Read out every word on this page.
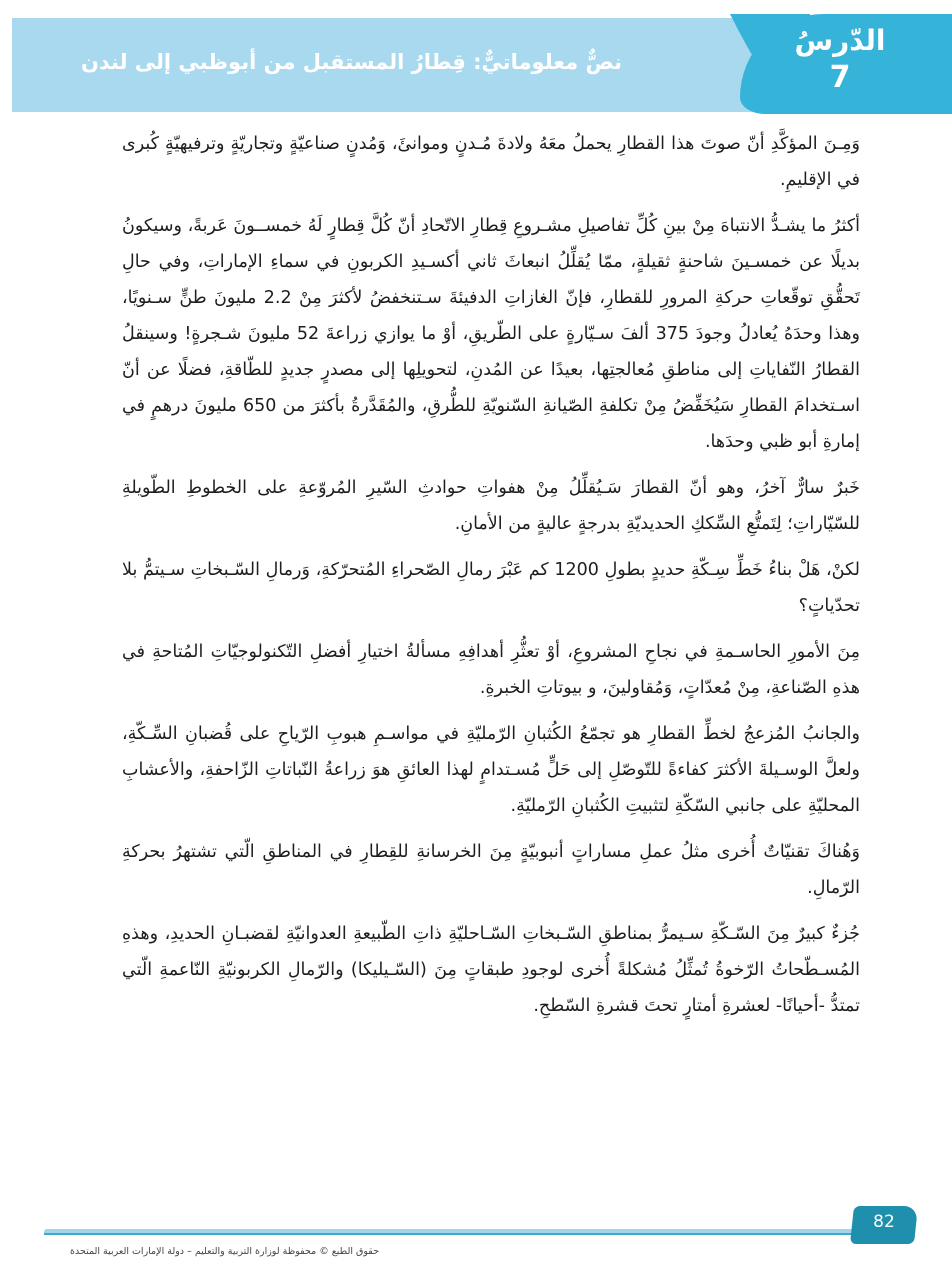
نصٌّ معلوماتيٌّ: قِطارُ المستقبل من أبوظبي إلى لندن
الدّرسُ
7

وَمِـنَ المؤكَّدِ أنّ صوتَ هذا القطارِ يحملُ معَهُ ولادةَ مُـدنٍ وموانئَ، وَمُدنٍ صناعيّةٍ وتجاريّةٍ وترفيهيّةٍ كُبرى في الإقليمِ.

أكثرُ ما يشـدُّ الانتباهَ مِنْ بينِ كُلِّ تفاصيلِ مشـروعِ قِطارِ الاتّحادِ أنّ كُلَّ قِطارٍ لَهُ خمســونَ عَربةً، وسيكونُ بديلًا عن خمسـينَ شاحنةٍ ثقيلةٍ، ممّا يُقلِّلُ انبعاثَ ثاني أكسـيدِ الكربونِ في سماءِ الإماراتِ، وفي حالِ تَحقُّقِ توقّعاتِ حركةِ المرورِ للقطارِ، فإنّ الغازاتِ الدفيئةَ سـتنخفضُ لأكثرَ مِنْ 2.2 مليونَ طنٍّ سـنويًا، وهذا وحدَهُ يُعادلُ وجودَ 375 ألفَ سـيّارةٍ على الطّريقِ، أوْ ما يوازي زراعةَ 52 مليونَ شـجرةٍ! وسينقلُ القطارُ النّفاياتِ إلى مناطقِ مُعالجتِها، بعيدًا عن المُدنِ، لتحويلِها إلى مصدرٍ جديدٍ للطّاقةِ، فضلًا عن أنّ اسـتخدامَ القطارِ سَيُخَفِّضُ مِنْ تكلفةِ الصّيانةِ السّنويّةِ للطُّرقِ، والمُقَدَّرةُ بأكثرَ من 650 مليونَ درهمٍ في إمارةِ أبو ظبي وحدَها.

خَبرٌ سارٌّ آخرُ، وهو أنّ القطارَ سَـيُقلِّلُ مِنْ هفواتِ حوادثِ السّيرِ المُروّعةِ على الخطوطِ الطّويلةِ للسّيّاراتِ؛ لِتَمتُّعِ السِّككِ الحديديّةِ بدرجةٍ عاليةٍ من الأمانِ.

لكنْ، هَلْ بناءُ خَطِّ سِـكّةِ حديدٍ بطولِ 1200 كم عَبْرَ رمالِ الصّحراءِ المُتحرّكةِ، وَرمالِ السّـبخاتِ سـيتمُّ بلا تحدّياتٍ؟

مِنَ الأمورِ الحاسـمةِ في نجاحِ المشروعِ، أوْ تعثُّرِ أهدافِهِ مسألةُ اختيارِ أفضلِ التّكنولوجيّاتِ المُتاحةِ في هذهِ الصّناعةِ، مِنْ مُعدّاتٍ، وَمُقاولينَ، و بيوتاتِ الخبرةِ.

والجانبُ المُزعجُ لخطِّ القطارِ هو تجمّعُ الكُثبانِ الرّمليّةِ في مواسـمِ هبوبِ الرّياحِ على قُضبانِ السِّـكّةِ، ولعلَّ الوسـيلةَ الأكثرَ كفاءةً للتّوصّلِ إلى حَلٍّ مُسـتدامٍ لهذا العائقِ هوَ زراعةُ النّباتاتِ الزّاحفةِ، والأعشابِ المحليّةِ على جانبي السّكّةِ لتثبيتِ الكُثبانِ الرّمليّةِ.

وَهُناكَ تقنيّاتٌ أُخرى مثلُ عملِ مساراتٍ أنبوبيّةٍ مِنَ الخرسانةِ للقِطارِ في المناطقِ الّتي تشتهرُ بحركةِ الرّمالِ.

جُزءٌ كبيرٌ مِنَ السّـكّةِ سـيمرُّ بمناطقِ السّـبخاتِ السّـاحليّةِ ذاتِ الطّبيعةِ العدوانيّةِ لقضبـانِ الحديدِ، وهذهِ المُسـطّحاتُ الرّخوةُ تُمثِّلُ مُشكلةً أُخرى لوجودِ طبقاتٍ مِنَ (السّـيليكا) والرّمالِ الكربونيّةِ النّاعمةِ الّتي تمتدُّ -أحيانًا- لعشرةِ أمتارٍ تحتَ قشرةِ السّطحِ.

82
حقوق الطبع © محفوظة لوزارة التربية والتعليم – دولة الإمارات العربية المتحدة
